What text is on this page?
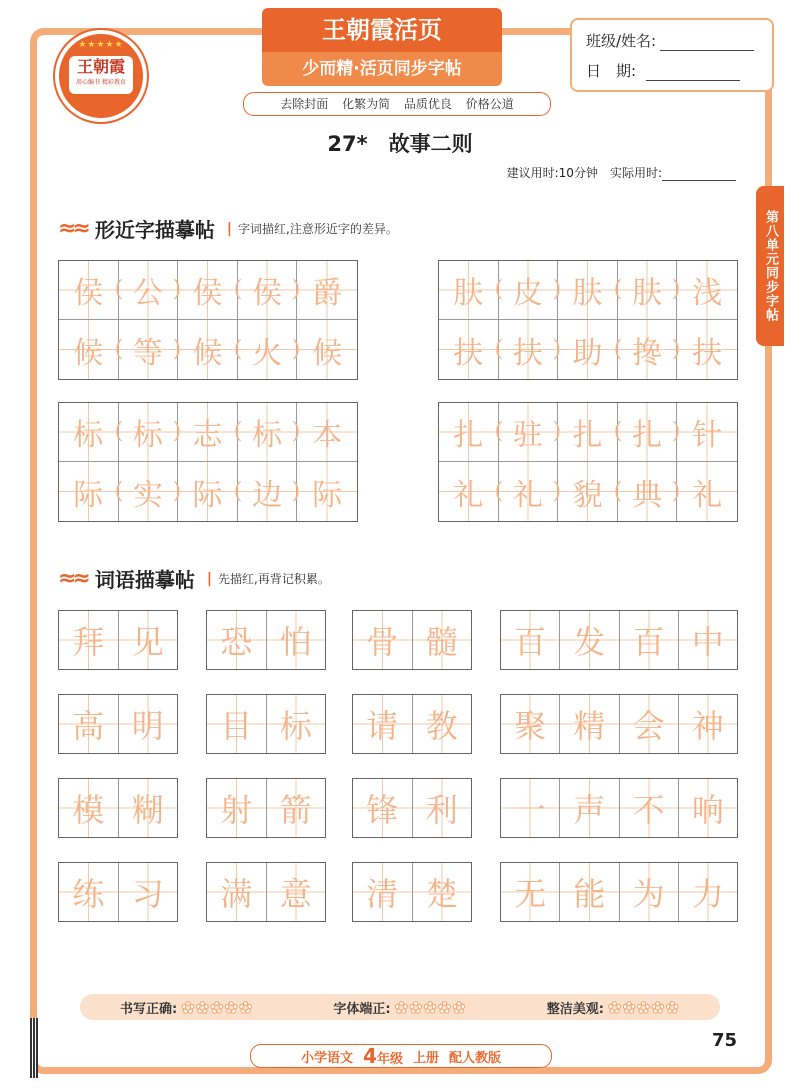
★★★★★
王朝霞
用心编书 精彩教育
王朝霞活页
少而精·活页同步字帖
去除封面 化繁为简 品质优良 价格公道
班级/姓名:
日　期:
27*　故事二则
建议用时:10分钟 实际用时:
第八单元同步字帖
≈≈ 形近字描摹帖 | 字词描红,注意形近字的差异。
侯 ( 公 ) 侯 ( 侯 )	爵
候 ( 等 ) 候 ( 火 )	候
肤 ( 皮 ) 肤 ( 肤 )	浅
扶 ( 扶 ) 助 ( 搀 )	扶
标 ( 标 ) 志 ( 标 )	本
际 ( 实 ) 际 ( 边 )	际
扎 ( 驻 ) 扎 ( 扎 )	针
礼 ( 礼 ) 貌 ( 典 )	礼
≈≈ 词语描摹帖 | 先描红,再背记积累。
拜 见	恐 怕	骨 髓	百 发 百 中
高 明	目 标	请 教	聚 精 会 神
模 糊	射 箭	锋 利	一 声 不 响
练 习	满 意	清 楚	无 能 为 力
书写正确: ✿✿✿✿✿	字体端正: ✿✿✿✿✿	整洁美观: ✿✿✿✿✿
75
小学语文 4年级 上册 配人教版
